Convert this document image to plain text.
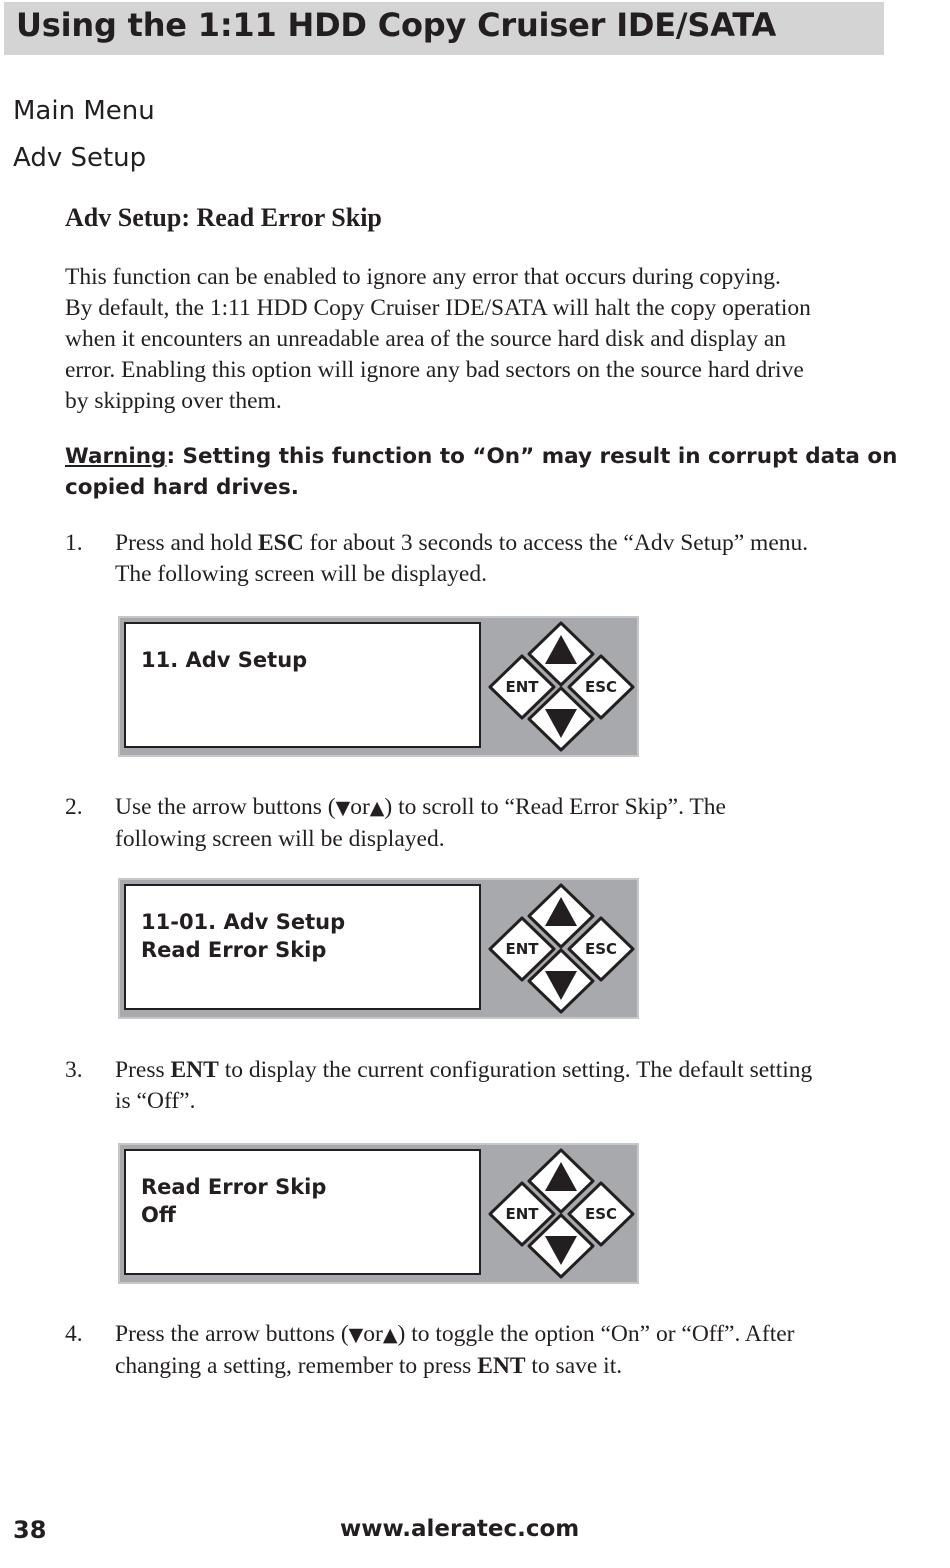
Using the 1:11 HDD Copy Cruiser IDE/SATA
Main Menu
Adv Setup
Adv Setup: Read Error Skip
This function can be enabled to ignore any error that occurs during copying.
By default, the 1:11 HDD Copy Cruiser IDE/SATA will halt the copy operation
when it encounters an unreadable area of the source hard disk and display an
error. Enabling this option will ignore any bad sectors on the source hard drive
by skipping over them.
Warning: Setting this function to “On” may result in corrupt data on
copied hard drives.
1. Press and hold ESC for about 3 seconds to access the “Adv Setup” menu.
The following screen will be displayed.
11. Adv Setup
ENT	ESC
2. Use the arrow buttons (▼or▲) to scroll to “Read Error Skip”. The
following screen will be displayed.
11-01. Adv Setup
Read Error Skip	ENT	ESC
3. Press ENT to display the current configuration setting. The default setting
is “Off”.
Read Error Skip
Off	ENT	ESC
4. Press the arrow buttons (▼or▲) to toggle the option “On” or “Off”. After
changing a setting, remember to press ENT to save it.
38	www.aleratec.com
